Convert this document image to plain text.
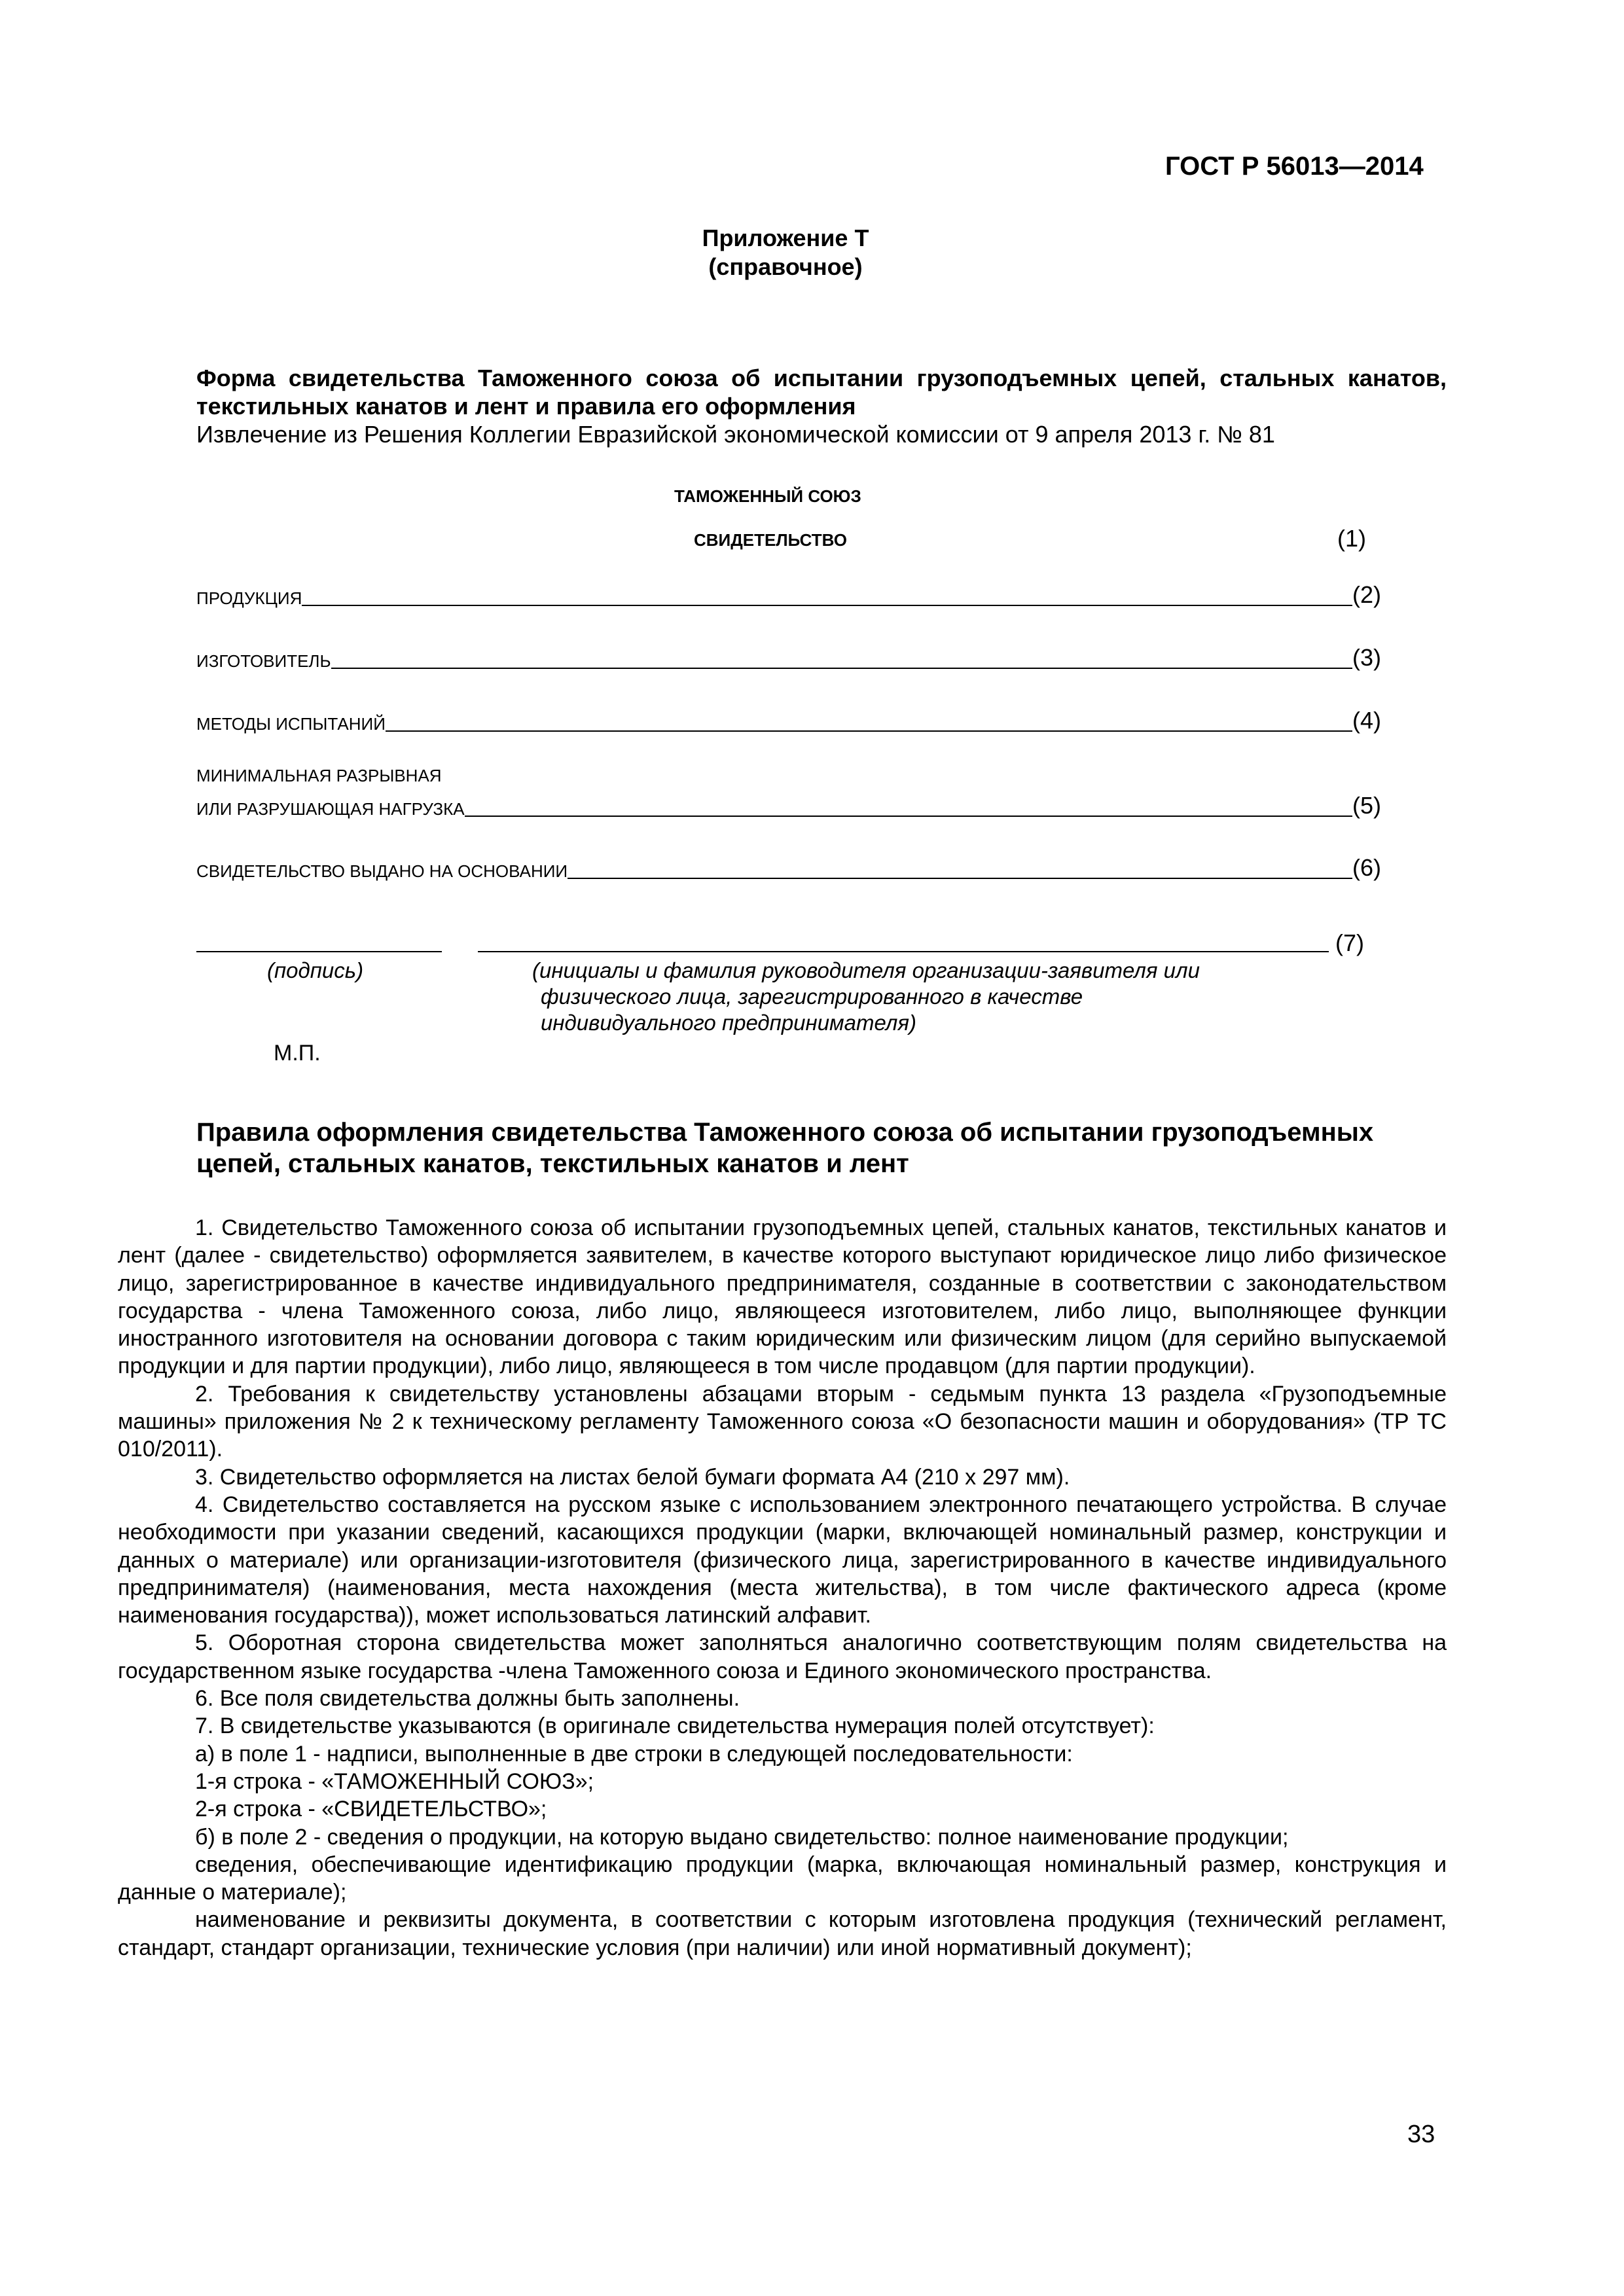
ГОСТ Р 56013—2014
Приложение Т
(справочное)
Форма свидетельства Таможенного союза об испытании грузоподъемных цепей, стальных канатов, текстильных канатов и лент и правила его оформления
Извлечение из Решения Коллегии Евразийской экономической комиссии от 9 апреля 2013 г. № 81
ТАМОЖЕННЫЙ СОЮЗ
СВИДЕТЕЛЬСТВО	(1)
ПРОДУКЦИЯ	(2)
ИЗГОТОВИТЕЛЬ	(3)
МЕТОДЫ ИСПЫТАНИЙ	(4)
МИНИМАЛЬНАЯ РАЗРЫВНАЯ
ИЛИ РАЗРУШАЮЩАЯ НАГРУЗКА	(5)
СВИДЕТЕЛЬСТВО ВЫДАНО НА ОСНОВАНИИ	(6)
(7)
(подпись)	(инициалы и фамилия руководителя организации-заявителя или
физического лица, зарегистрированного в качестве
индивидуального предпринимателя)
М.П.
Правила оформления свидетельства Таможенного союза об испытании грузоподъемных цепей, стальных канатов, текстильных канатов и лент

1. Свидетельство Таможенного союза об испытании грузоподъемных цепей, стальных канатов, текстильных канатов и лент (далее - свидетельство) оформляется заявителем, в качестве которого выступают юридическое лицо либо физическое лицо, зарегистрированное в качестве индивидуального предпринимателя, созданные в соответствии с законодательством государства - члена Таможенного союза, либо лицо, являющееся изготовителем, либо лицо, выполняющее функции иностранного изготовителя на основании договора с таким юридическим или физическим лицом (для серийно выпускаемой продукции и для партии продукции), либо лицо, являющееся в том числе продавцом (для партии продукции).

2. Требования к свидетельству установлены абзацами вторым - седьмым пункта 13 раздела «Грузоподъемные машины» приложения № 2 к техническому регламенту Таможенного союза «О безопасности машин и оборудования» (ТР ТС 010/2011).

3. Свидетельство оформляется на листах белой бумаги формата А4 (210 х 297 мм).

4. Свидетельство составляется на русском языке с использованием электронного печатающего устройства. В случае необходимости при указании сведений, касающихся продукции (марки, включающей номинальный размер, конструкции и данных о материале) или организации-изготовителя (физического лица, зарегистрированного в качестве индивидуального предпринимателя) (наименования, места нахождения (места жительства), в том числе фактического адреса (кроме наименования государства)), может использоваться латинский алфавит.

5. Оборотная сторона свидетельства может заполняться аналогично соответствующим полям свидетельства на государственном языке государства -члена Таможенного союза и Единого экономического пространства.

6. Все поля свидетельства должны быть заполнены.

7. В свидетельстве указываются (в оригинале свидетельства нумерация полей отсутствует):

а) в поле 1 - надписи, выполненные в две строки в следующей последовательности:

1-я строка - «ТАМОЖЕННЫЙ СОЮЗ»;

2-я строка - «СВИДЕТЕЛЬСТВО»;

б) в поле 2 - сведения о продукции, на которую выдано свидетельство: полное наименование продукции;

сведения, обеспечивающие идентификацию продукции (марка, включающая номинальный размер, конструкция и данные о материале);

наименование и реквизиты документа, в соответствии с которым изготовлена продукция (технический регламент, стандарт, стандарт организации, технические условия (при наличии) или иной нормативный документ);

33
